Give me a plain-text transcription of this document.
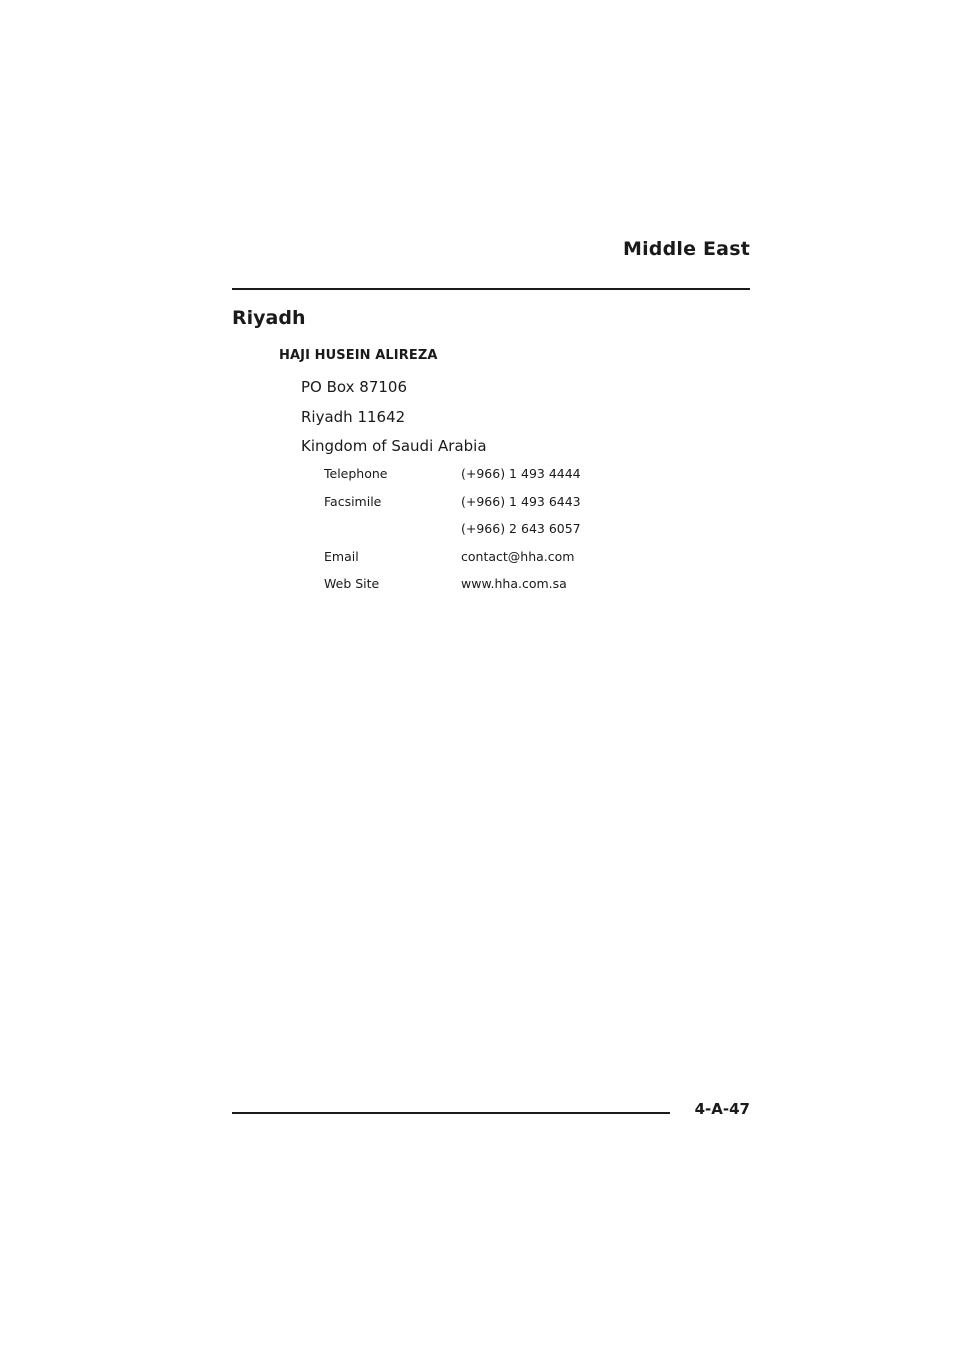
Middle East
Riyadh
HAJI HUSEIN ALIREZA
PO Box 87106
Riyadh 11642
Kingdom of Saudi Arabia
Telephone	(+966) 1 493 4444
Facsimile	(+966) 1 493 6443
(+966) 2 643 6057
Email	contact@hha.com
Web Site	www.hha.com.sa
4-A-47
